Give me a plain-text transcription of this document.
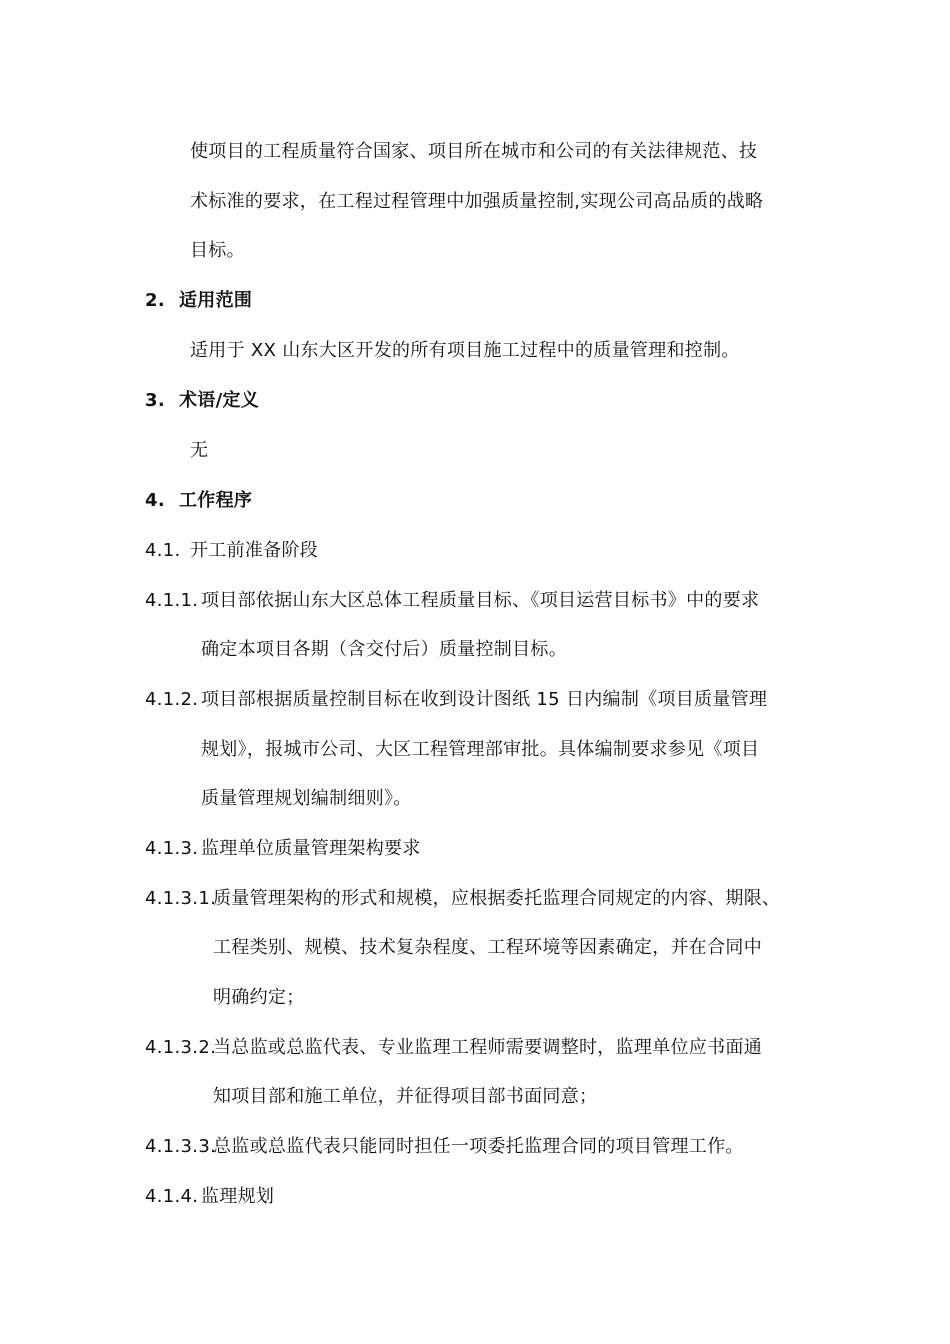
使项目的工程质量符合国家、项目所在城市和公司的有关法律规范、技
术标准的要求，在工程过程管理中加强质量控制,实现公司高品质的战略
目标。
2. 适用范围
适用于 XX 山东大区开发的所有项目施工过程中的质量管理和控制。
3. 术语/定义
无
4. 工作程序
4.1. 开工前准备阶段
4.1.1. 项目部依据山东大区总体工程质量目标、《项目运营目标书》中的要求
确定本项目各期（含交付后）质量控制目标。
4.1.2. 项目部根据质量控制目标在收到设计图纸 15 日内编制《项目质量管理
规划》，报城市公司、大区工程管理部审批。具体编制要求参见《项目
质量管理规划编制细则》。
4.1.3. 监理单位质量管理架构要求
4.1.3.1.
质量管理架构的形式和规模，应根据委托监理合同规定的内容、期限、
工程类别、规模、技术复杂程度、工程环境等因素确定，并在合同中
明确约定；
4.1.3.2.
当总监或总监代表、专业监理工程师需要调整时，监理单位应书面通
知项目部和施工单位，并征得项目部书面同意；
4.1.3.3.
总监或总监代表只能同时担任一项委托监理合同的项目管理工作。
4.1.4. 监理规划
